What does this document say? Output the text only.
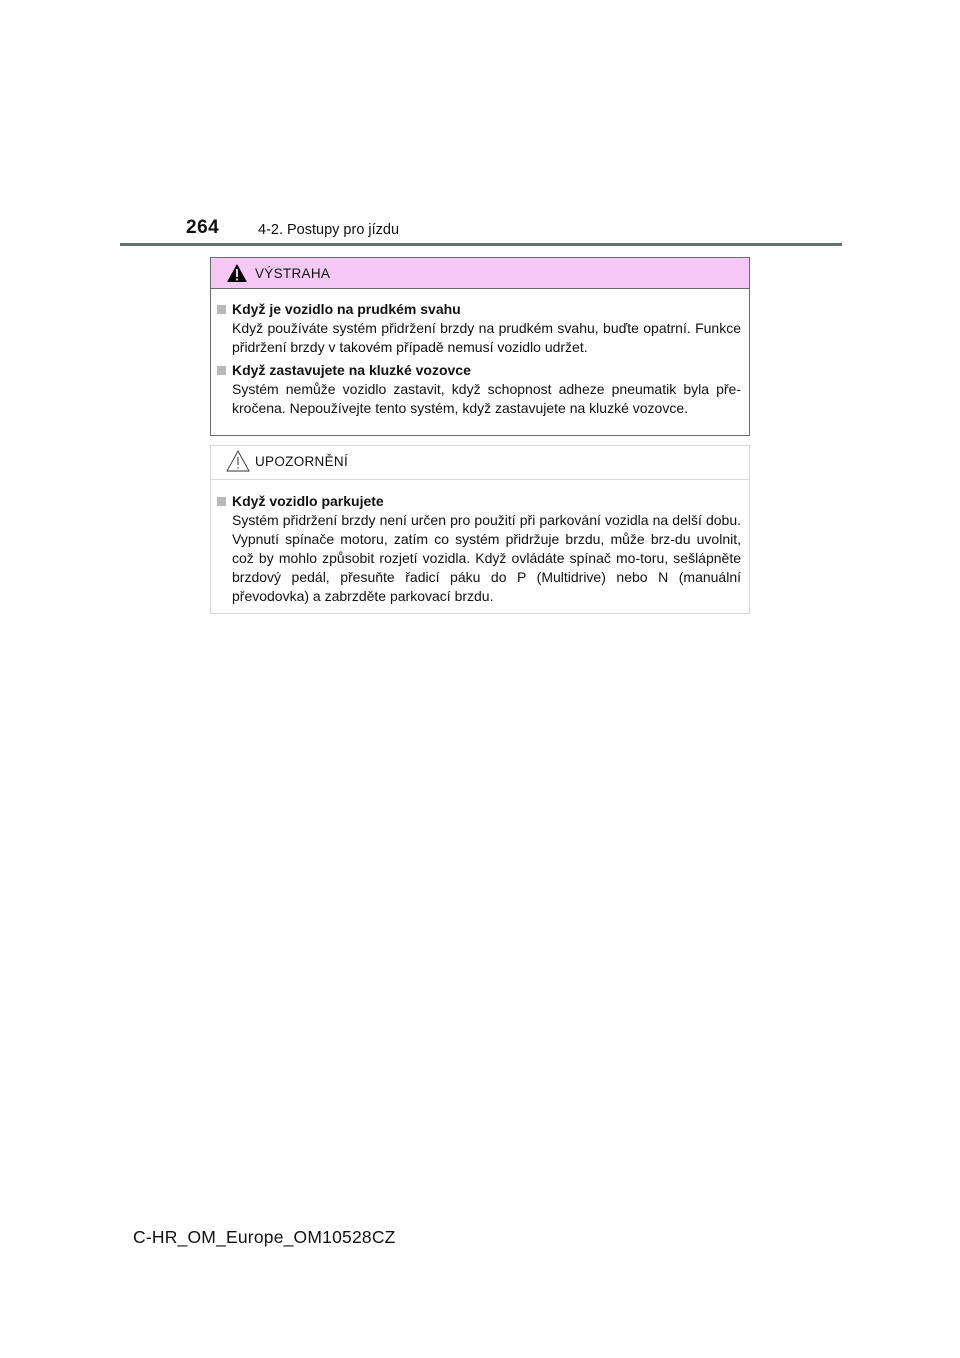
264	4-2. Postupy pro jízdu
VÝSTRAHA
Když je vozidlo na prudkém svahu
Když používáte systém přidržení brzdy na prudkém svahu, buďte opatrní. Funkce přidržení brzdy v takovém případě nemusí vozidlo udržet.
Když zastavujete na kluzké vozovce
Systém nemůže vozidlo zastavit, když schopnost adheze pneumatik byla pře-kročena. Nepoužívejte tento systém, když zastavujete na kluzké vozovce.
UPOZORNĚNÍ
Když vozidlo parkujete
Systém přidržení brzdy není určen pro použití při parkování vozidla na delší dobu. Vypnutí spínače motoru, zatím co systém přidržuje brzdu, může brz-du uvolnit, což by mohlo způsobit rozjetí vozidla. Když ovládáte spínač mo-toru, sešlápněte brzdový pedál, přesuňte řadicí páku do P (Multidrive) nebo N (manuální převodovka) a zabrzděte parkovací brzdu.
C-HR_OM_Europe_OM10528CZ
